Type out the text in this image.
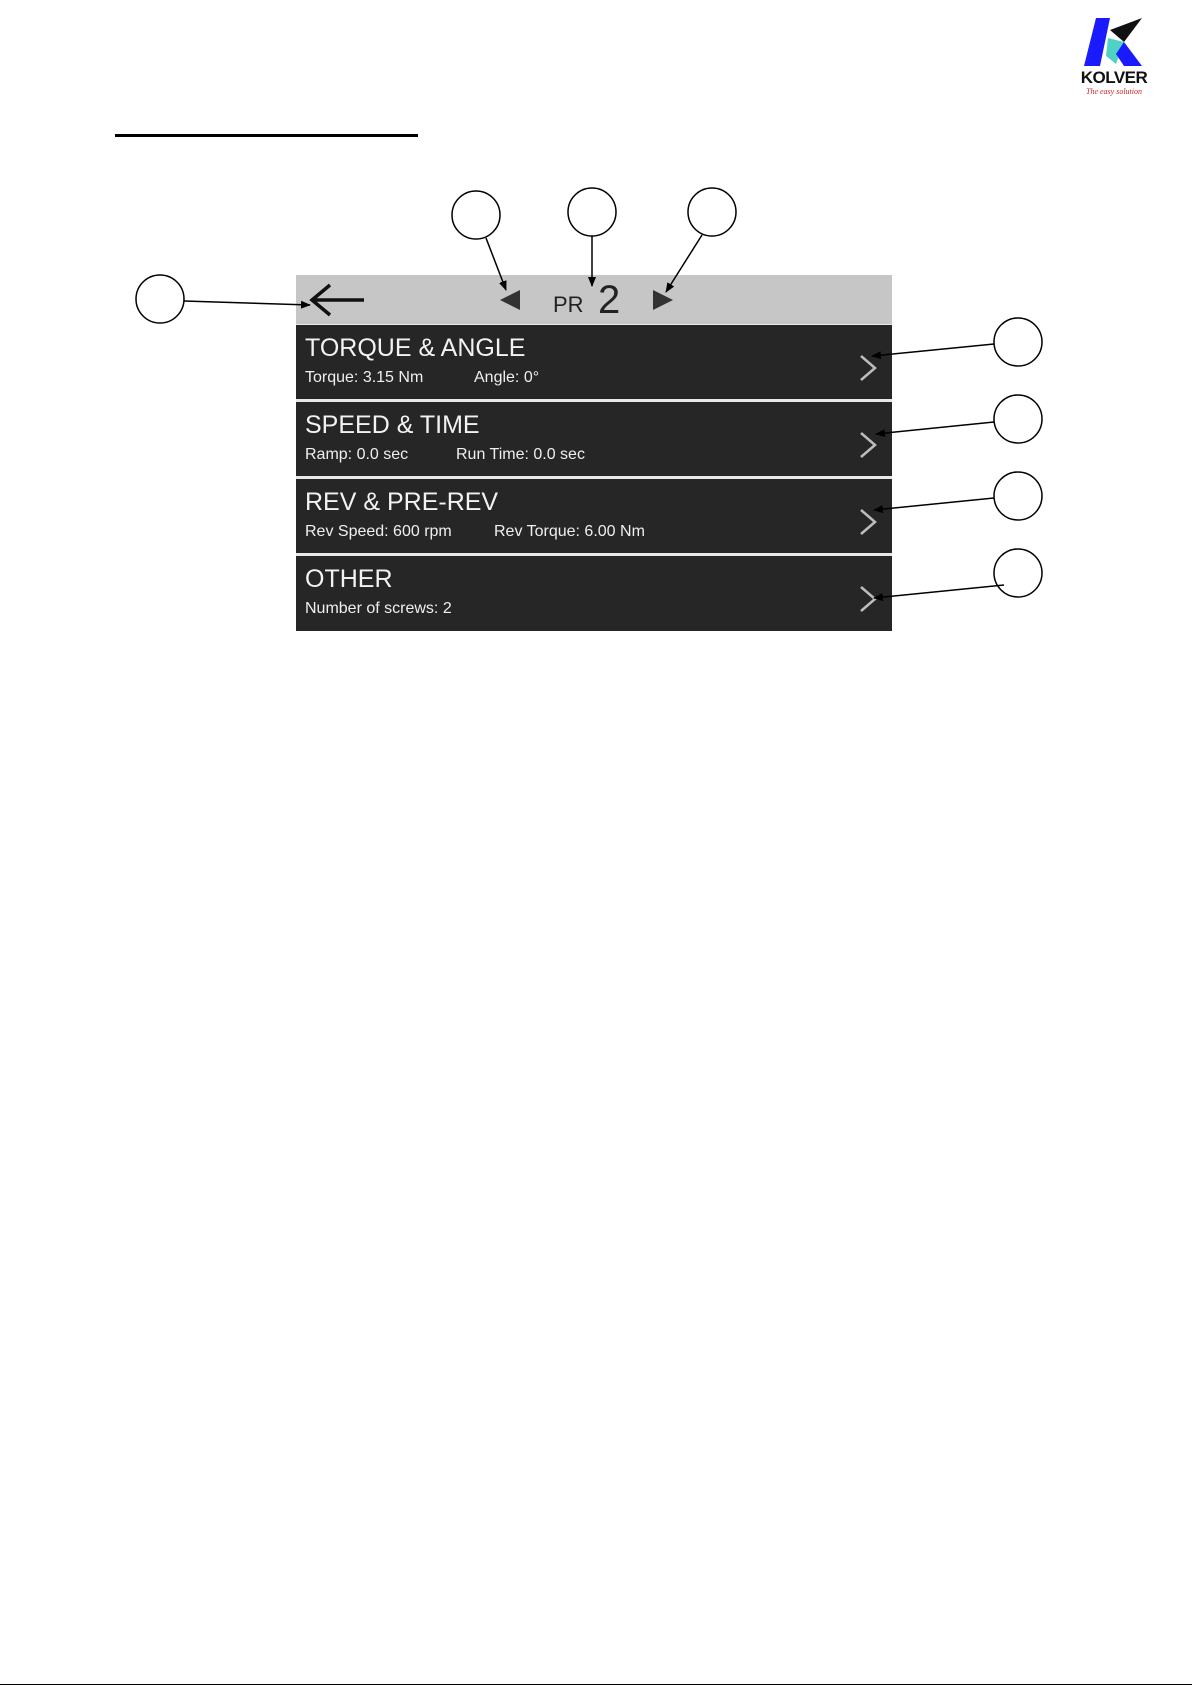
KOLVER
The easy solution
PR 2
TORQUE & ANGLE
Torque: 3.15 Nm	Angle: 0°
SPEED & TIME
Ramp: 0.0 sec	Run Time: 0.0 sec
REV & PRE-REV
Rev Speed: 600 rpm	Rev Torque: 6.00 Nm
OTHER
Number of screws: 2
